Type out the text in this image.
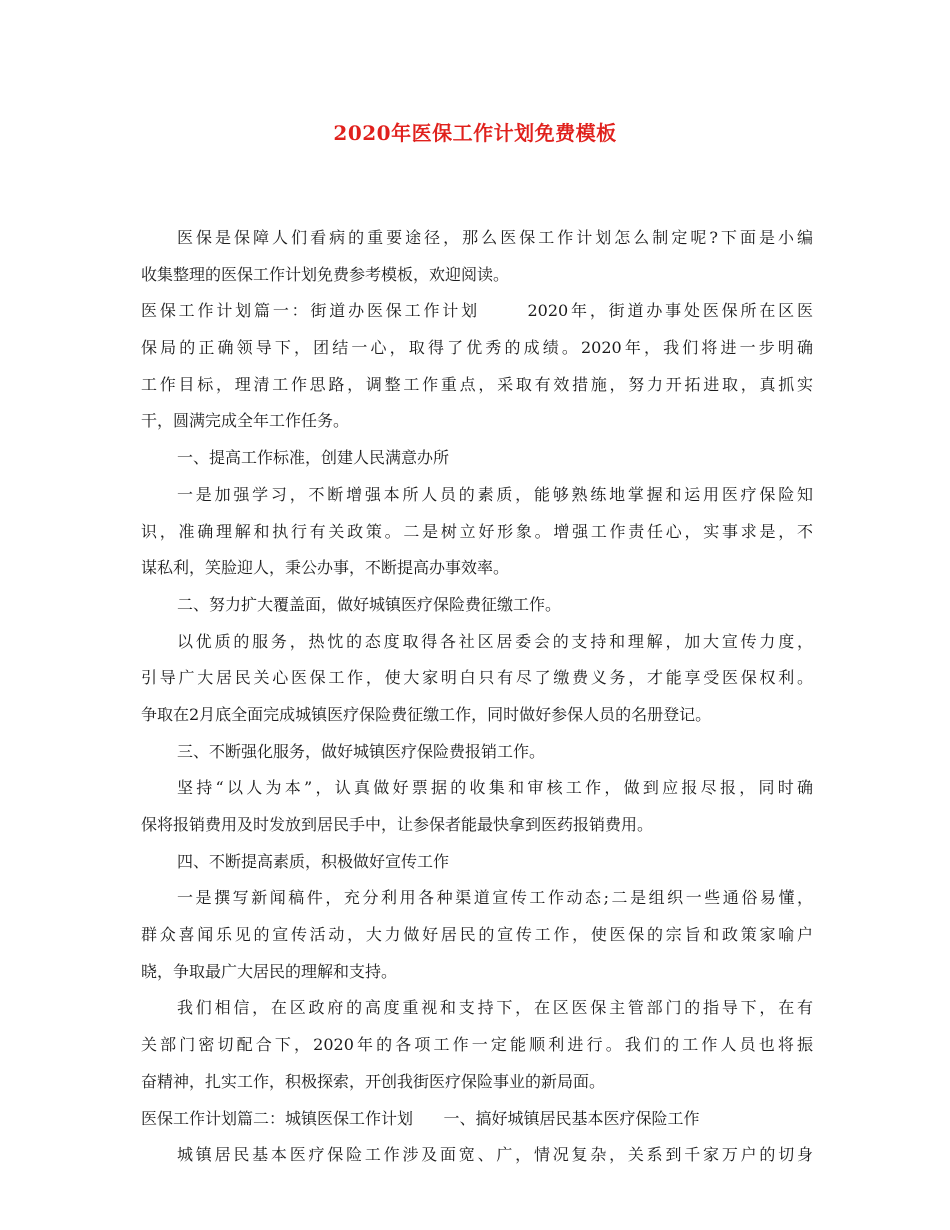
2020年医保工作计划免费模板
医保是保障人们看病的重要途径，那么医保工作计划怎么制定呢?下面是小编
收集整理的医保工作计划免费参考模板，欢迎阅读。
医保工作计划篇一：街道办医保工作计划      2020年，街道办事处医保所在区医
保局的正确领导下，团结一心，取得了优秀的成绩。2020年，我们将进一步明确
工作目标，理清工作思路，调整工作重点，采取有效措施，努力开拓进取，真抓实
干，圆满完成全年工作任务。
一、提高工作标准，创建人民满意办所
一是加强学习，不断增强本所人员的素质，能够熟练地掌握和运用医疗保险知
识，准确理解和执行有关政策。二是树立好形象。增强工作责任心，实事求是，不
谋私利，笑脸迎人，秉公办事，不断提高办事效率。
二、努力扩大覆盖面，做好城镇医疗保险费征缴工作。
以优质的服务，热忱的态度取得各社区居委会的支持和理解，加大宣传力度，
引导广大居民关心医保工作，使大家明白只有尽了缴费义务，才能享受医保权利。
争取在2月底全面完成城镇医疗保险费征缴工作，同时做好参保人员的名册登记。
三、不断强化服务，做好城镇医疗保险费报销工作。
坚持“以人为本”，认真做好票据的收集和审核工作，做到应报尽报，同时确
保将报销费用及时发放到居民手中，让参保者能最快拿到医药报销费用。
四、不断提高素质，积极做好宣传工作
一是撰写新闻稿件，充分利用各种渠道宣传工作动态;二是组织一些通俗易懂，
群众喜闻乐见的宣传活动，大力做好居民的宣传工作，使医保的宗旨和政策家喻户
晓，争取最广大居民的理解和支持。
我们相信，在区政府的高度重视和支持下，在区医保主管部门的指导下，在有
关部门密切配合下，2020年的各项工作一定能顺利进行。我们的工作人员也将振
奋精神，扎实工作，积极探索，开创我街医疗保险事业的新局面。
医保工作计划篇二：城镇医保工作计划      一、搞好城镇居民基本医疗保险工作
城镇居民基本医疗保险工作涉及面宽、广，情况复杂，关系到千家万户的切身
